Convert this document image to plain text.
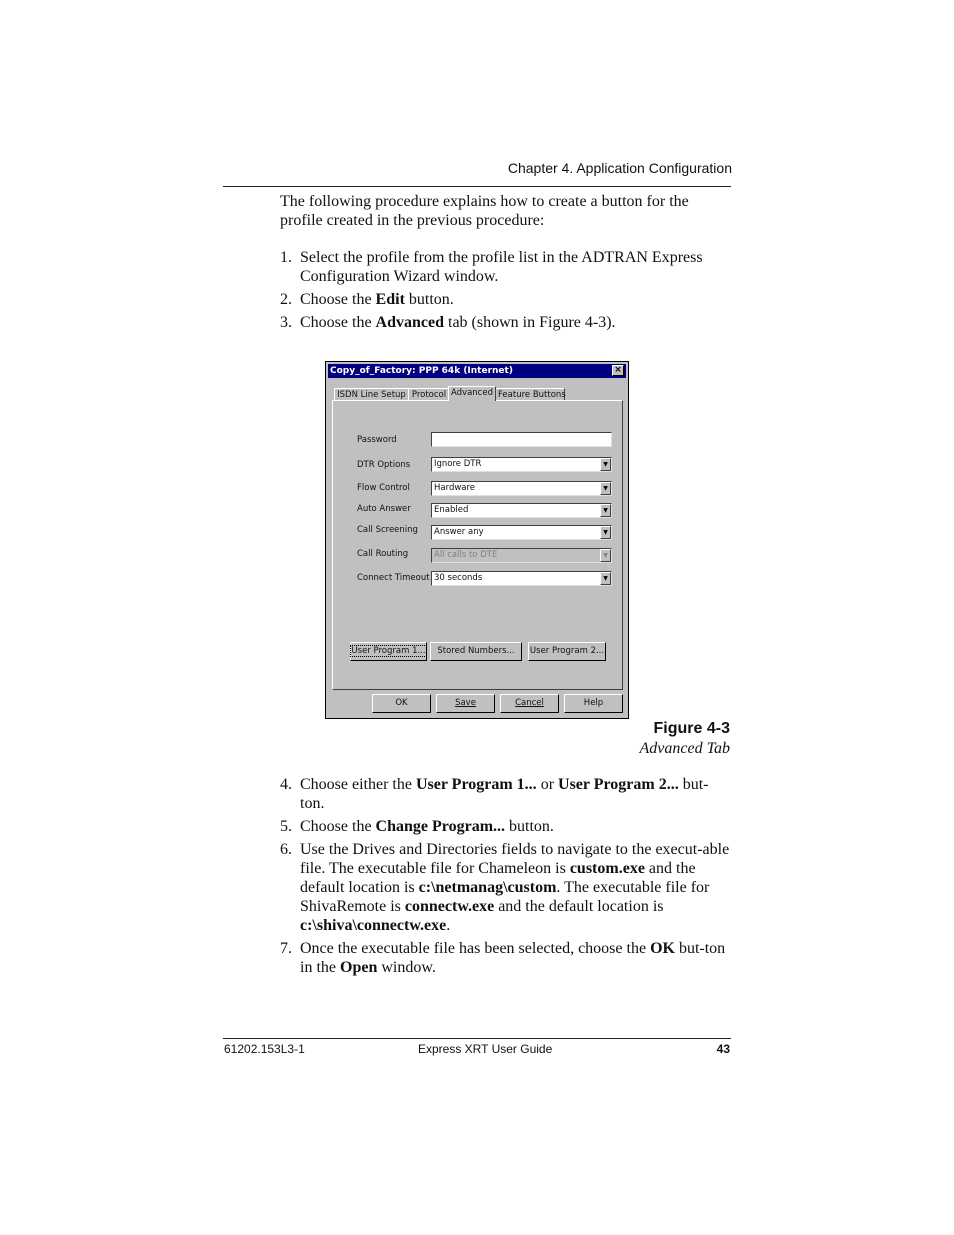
Chapter 4. Application Configuration
The following procedure explains how to create a button for the profile created in the previous procedure:
1. Select the profile from the profile list in the ADTRAN Express Configuration Wizard window.
2. Choose the Edit button.
3. Choose the Advanced tab (shown in Figure 4-3).
Copy_of_Factory: PPP 64k (Internet)	×
ISDN Line Setup Protocol Advanced Feature Buttons
Password
DTR Options	Ignore DTR	▼
Flow Control	Hardware	▼
Auto Answer	Enabled	▼
Call Screening	Answer any	▼
Call Routing	All calls to DTE	▼
Connect Timeout 30 seconds	▼
User Program 1...	Stored Numbers...	User Program 2...
OK	Save	Cancel	Help
Figure 4-3
Advanced Tab
4. Choose either the User Program 1... or User Program 2... but-ton.
5. Choose the Change Program... button.
6. Use the Drives and Directories fields to navigate to the execut-able file. The executable file for Chameleon is custom.exe and the default location is c:\netmanag\custom. The executable file for ShivaRemote is connectw.exe and the default location is c:\shiva\connectw.exe.
7. Once the executable file has been selected, choose the OK but-ton in the Open window.
61202.153L3-1	Express XRT User Guide	43
